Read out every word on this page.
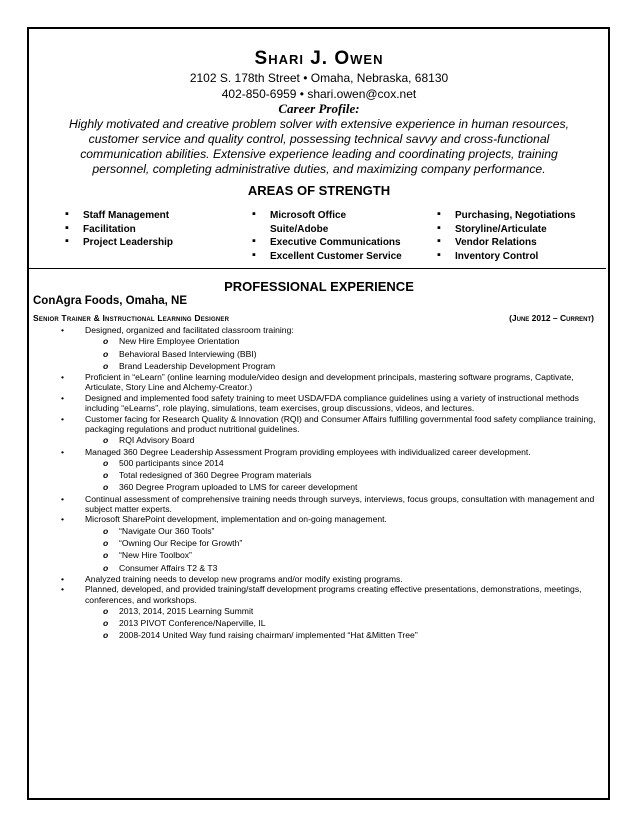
Shari J. Owen
2102 S. 178th Street • Omaha, Nebraska, 68130
402-850-6959 • shari.owen@cox.net
Career Profile:
Highly motivated and creative problem solver with extensive experience in human resources, customer service and quality control, possessing technical savvy and cross-functional communication abilities. Extensive experience leading and coordinating projects, training personnel, completing administrative duties, and maximizing company performance.
AREAS OF STRENGTH
▪ Staff Management
▪ Facilitation
▪ Project Leadership
▪ Microsoft Office Suite/Adobe
▪ Executive Communications
▪ Excellent Customer Service
▪ Purchasing, Negotiations
▪ Storyline/Articulate
▪ Vendor Relations
▪ Inventory Control
PROFESSIONAL EXPERIENCE
ConAgra Foods, Omaha, NE
Senior Trainer & Instructional Learning Designer	(June 2012 – Current)
• Designed, organized and facilitated classroom training:
o New Hire Employee Orientation
o Behavioral Based Interviewing (BBI)
o Brand Leadership Development Program
• Proficient in “eLearn” (online learning module/video design and development principals, mastering software programs, Captivate, Articulate, Story Line and Alchemy-Creator.)
• Designed and implemented food safety training to meet USDA/FDA compliance guidelines using a variety of instructional methods including “eLearns”, role playing, simulations, team exercises, group discussions, videos, and lectures.
• Customer facing for Research Quality & Innovation (RQI) and Consumer Affairs fulfilling governmental food safety compliance training, packaging regulations and product nutritional guidelines.
o RQI Advisory Board
• Managed 360 Degree Leadership Assessment Program providing employees with individualized career development.
o 500 participants since 2014
o Total redesigned of 360 Degree Program materials
o 360 Degree Program uploaded to LMS for career development
• Continual assessment of comprehensive training needs through surveys, interviews, focus groups, consultation with management and subject matter experts.
• Microsoft SharePoint development, implementation and on-going management.
o “Navigate Our 360 Tools”
o “Owning Our Recipe for Growth”
o “New Hire Toolbox”
o Consumer Affairs T2 & T3
• Analyzed training needs to develop new programs and/or modify existing programs.
• Planned, developed, and provided training/staff development programs creating effective presentations, demonstrations, meetings, conferences, and workshops.
o 2013, 2014, 2015 Learning Summit
o 2013 PIVOT Conference/Naperville, IL
o 2008-2014 United Way fund raising chairman/ implemented “Hat &Mitten Tree”
